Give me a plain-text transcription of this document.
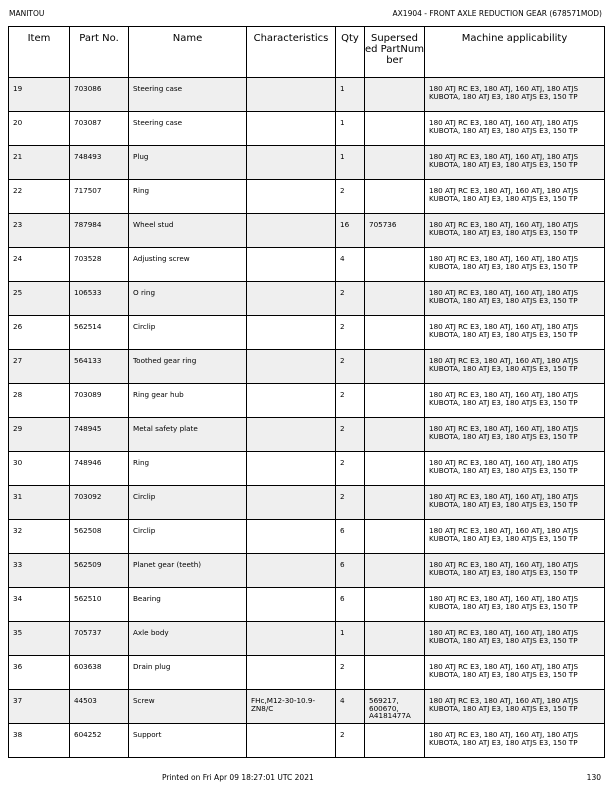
MANITOU	AX1904 - FRONT AXLE REDUCTION GEAR (678571MOD)
Item	Part No.	Name	Characteristics	Qty	Supersed ed PartNum ber	Machine applicability
19	703086	Steering case		1		180 ATJ RC E3, 180 ATJ, 160 ATJ, 180 ATJS KUBOTA, 180 ATJ E3, 180 ATJS E3, 150 TP
20	703087	Steering case		1		180 ATJ RC E3, 180 ATJ, 160 ATJ, 180 ATJS KUBOTA, 180 ATJ E3, 180 ATJS E3, 150 TP
21	748493	Plug		1		180 ATJ RC E3, 180 ATJ, 160 ATJ, 180 ATJS KUBOTA, 180 ATJ E3, 180 ATJS E3, 150 TP
22	717507	Ring		2		180 ATJ RC E3, 180 ATJ, 160 ATJ, 180 ATJS KUBOTA, 180 ATJ E3, 180 ATJS E3, 150 TP
23	787984	Wheel stud		16	705736	180 ATJ RC E3, 180 ATJ, 160 ATJ, 180 ATJS KUBOTA, 180 ATJ E3, 180 ATJS E3, 150 TP
24	703528	Adjusting screw		4		180 ATJ RC E3, 180 ATJ, 160 ATJ, 180 ATJS KUBOTA, 180 ATJ E3, 180 ATJS E3, 150 TP
25	106533	O ring		2		180 ATJ RC E3, 180 ATJ, 160 ATJ, 180 ATJS KUBOTA, 180 ATJ E3, 180 ATJS E3, 150 TP
26	562514	Circlip		2		180 ATJ RC E3, 180 ATJ, 160 ATJ, 180 ATJS KUBOTA, 180 ATJ E3, 180 ATJS E3, 150 TP
27	564133	Toothed gear ring		2		180 ATJ RC E3, 180 ATJ, 160 ATJ, 180 ATJS KUBOTA, 180 ATJ E3, 180 ATJS E3, 150 TP
28	703089	Ring gear hub		2		180 ATJ RC E3, 180 ATJ, 160 ATJ, 180 ATJS KUBOTA, 180 ATJ E3, 180 ATJS E3, 150 TP
29	748945	Metal safety plate		2		180 ATJ RC E3, 180 ATJ, 160 ATJ, 180 ATJS KUBOTA, 180 ATJ E3, 180 ATJS E3, 150 TP
30	748946	Ring		2		180 ATJ RC E3, 180 ATJ, 160 ATJ, 180 ATJS KUBOTA, 180 ATJ E3, 180 ATJS E3, 150 TP
31	703092	Circlip		2		180 ATJ RC E3, 180 ATJ, 160 ATJ, 180 ATJS KUBOTA, 180 ATJ E3, 180 ATJS E3, 150 TP
32	562508	Circlip		6		180 ATJ RC E3, 180 ATJ, 160 ATJ, 180 ATJS KUBOTA, 180 ATJ E3, 180 ATJS E3, 150 TP
33	562509	Planet gear (teeth)		6		180 ATJ RC E3, 180 ATJ, 160 ATJ, 180 ATJS KUBOTA, 180 ATJ E3, 180 ATJS E3, 150 TP
34	562510	Bearing		6		180 ATJ RC E3, 180 ATJ, 160 ATJ, 180 ATJS KUBOTA, 180 ATJ E3, 180 ATJS E3, 150 TP
35	705737	Axle body		1		180 ATJ RC E3, 180 ATJ, 160 ATJ, 180 ATJS KUBOTA, 180 ATJ E3, 180 ATJS E3, 150 TP
36	603638	Drain plug		2		180 ATJ RC E3, 180 ATJ, 160 ATJ, 180 ATJS KUBOTA, 180 ATJ E3, 180 ATJS E3, 150 TP
37	44503	Screw	FHc,M12-30-10.9-ZN8/C	4	569217, 600670, A4181477A	180 ATJ RC E3, 180 ATJ, 160 ATJ, 180 ATJS KUBOTA, 180 ATJ E3, 180 ATJS E3, 150 TP
38	604252	Support		2		180 ATJ RC E3, 180 ATJ, 160 ATJ, 180 ATJS KUBOTA, 180 ATJ E3, 180 ATJS E3, 150 TP
Printed on Fri Apr 09 18:27:01 UTC 2021	130
